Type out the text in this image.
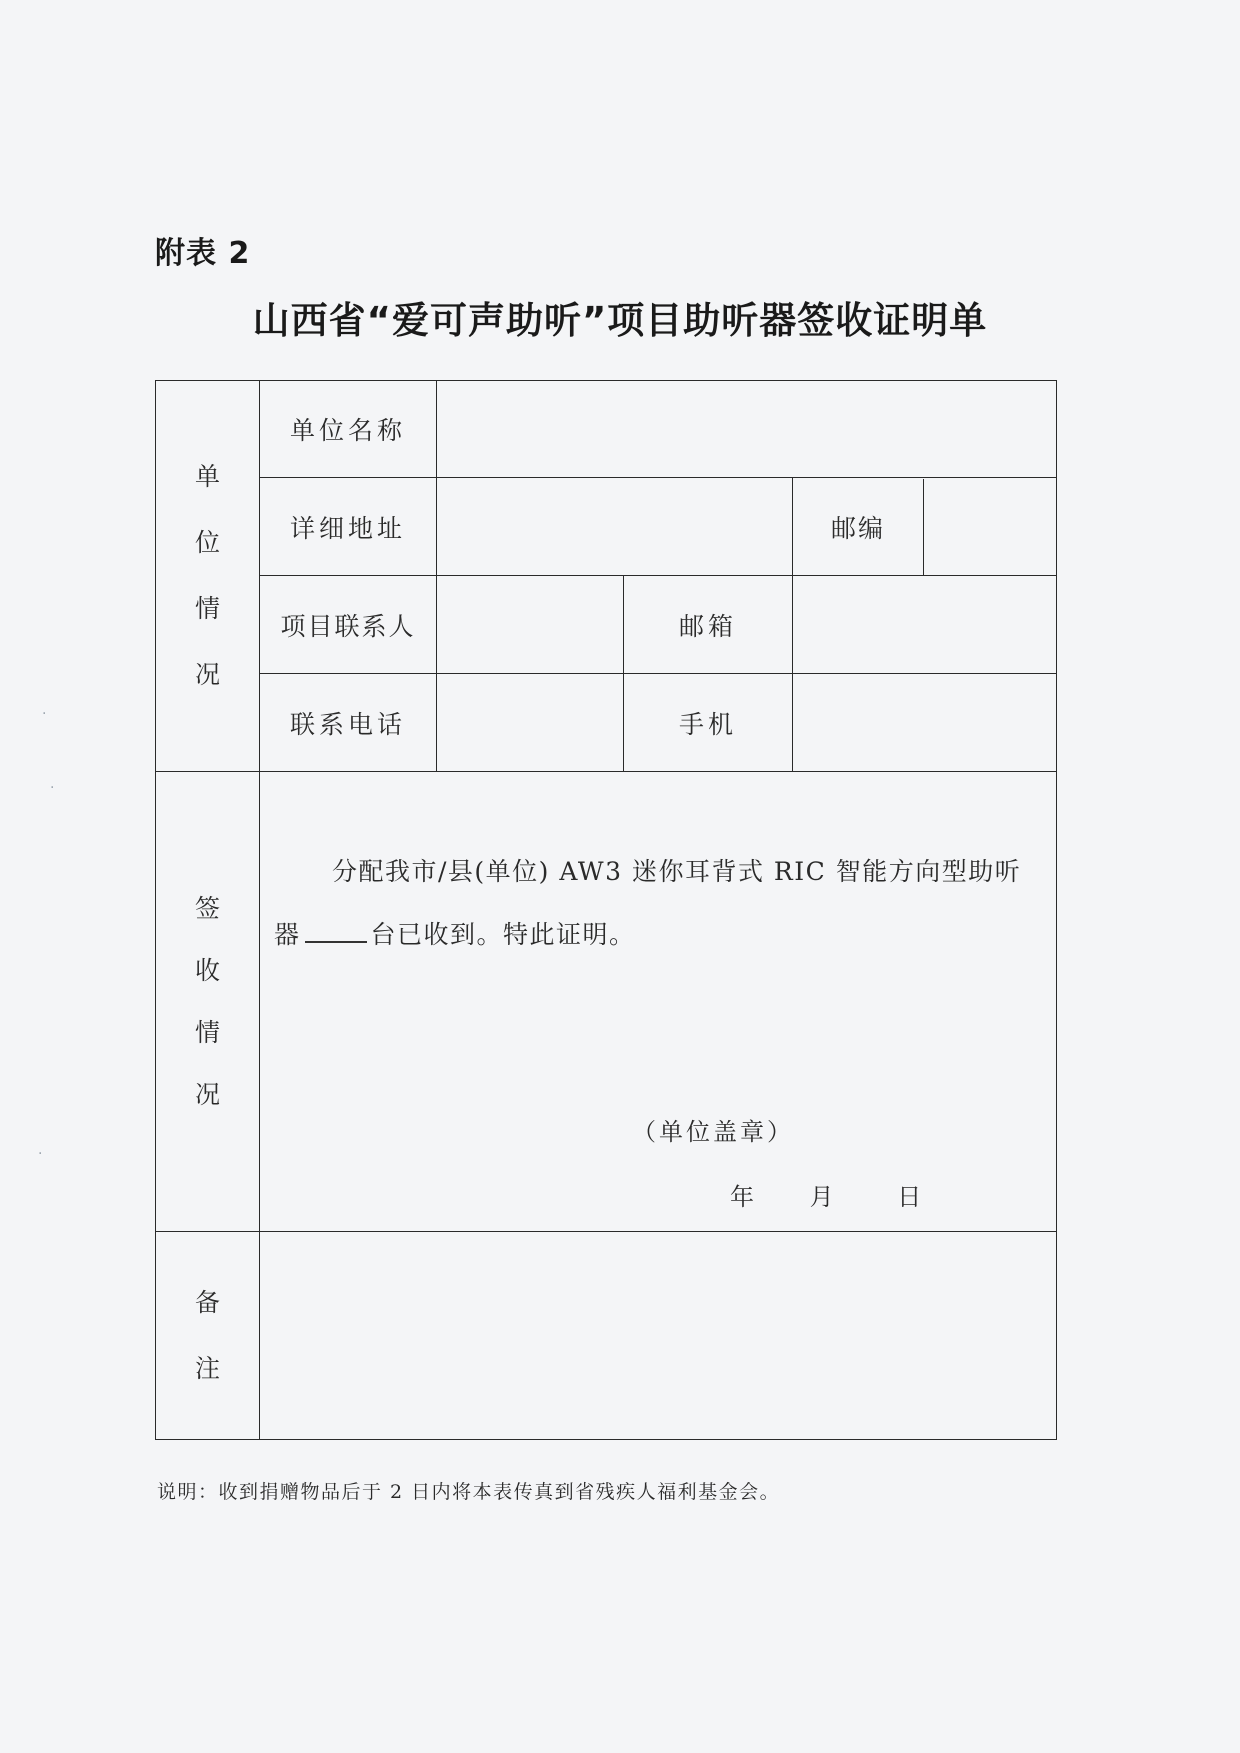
附表 2
山西省“爱可声助听”项目助听器签收证明单
单位情况	单位名称			
	详细地址			邮编

	项目联系人		邮箱	
	联系电话		手机	
签收情况	分配我市/县(单位) AW3 迷你耳背式 RIC 智能方向型助听
器 台已收到。特此证明。
（单位盖章）
年 月 日			

备注				
说明：收到捐赠物品后于 2 日内将本表传真到省残疾人福利基金会。
·
·
·
